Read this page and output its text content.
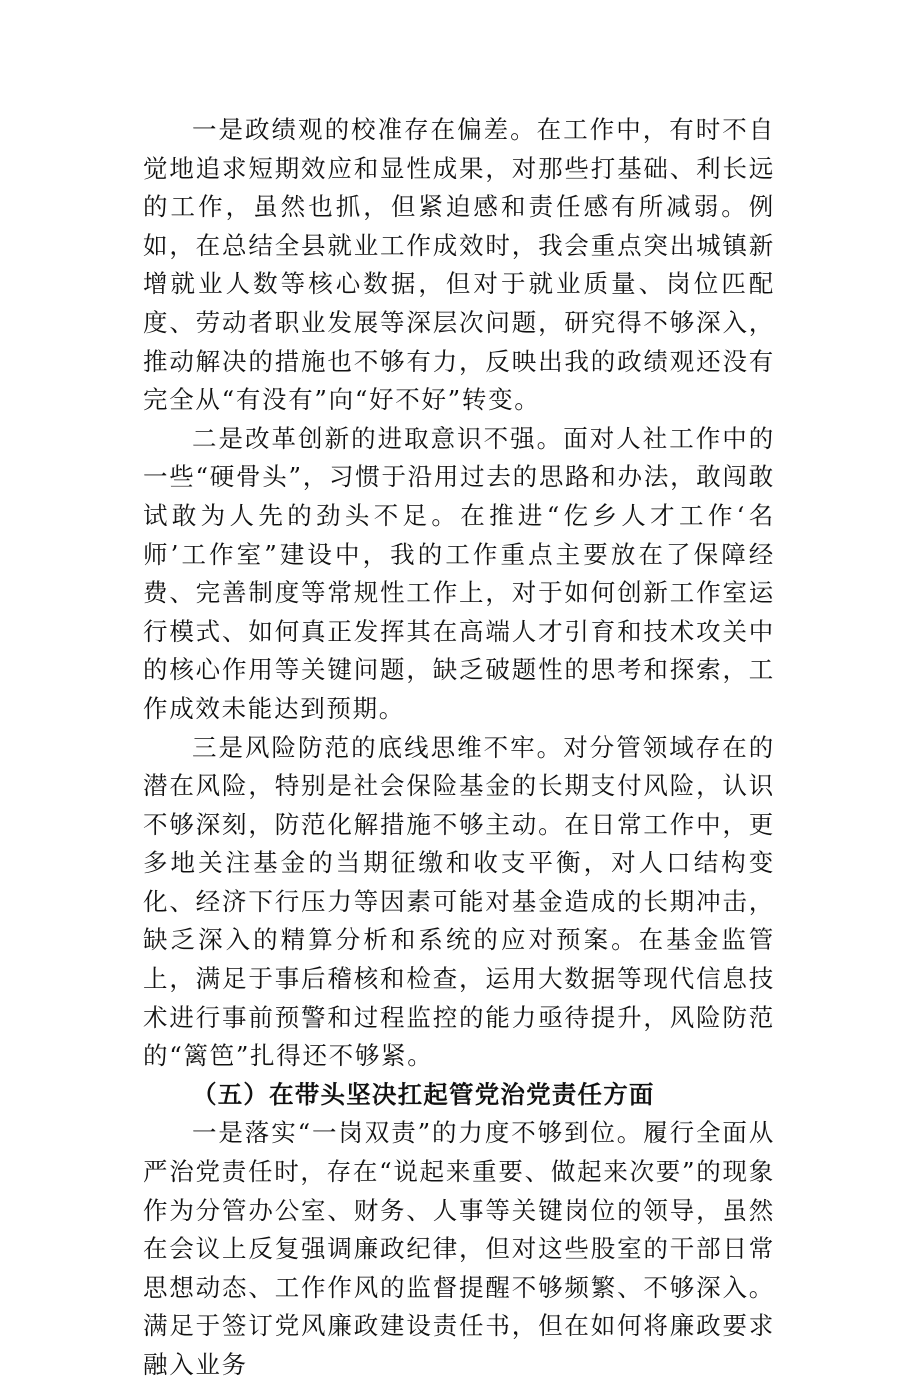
一是政绩观的校准存在偏差。在工作中，有时不自觉地追求短期效应和显性成果，对那些打基础、利长远的工作，虽然也抓，但紧迫感和责任感有所减弱。例如，在总结全县就业工作成效时，我会重点突出城镇新增就业人数等核心数据，但对于就业质量、岗位匹配度、劳动者职业发展等深层次问题，研究得不够深入，推动解决的措施也不够有力，反映出我的政绩观还没有完全从“有没有”向“好不好”转变。

二是改革创新的进取意识不强。面对人社工作中的一些“硬骨头”，习惯于沿用过去的思路和办法，敢闯敢试敢为人先的劲头不足。在推进“仡乡人才工作‘名师’工作室”建设中，我的工作重点主要放在了保障经费、完善制度等常规性工作上，对于如何创新工作室运行模式、如何真正发挥其在高端人才引育和技术攻关中的核心作用等关键问题，缺乏破题性的思考和探索，工作成效未能达到预期。

三是风险防范的底线思维不牢。对分管领域存在的潜在风险，特别是社会保险基金的长期支付风险，认识不够深刻，防范化解措施不够主动。在日常工作中，更多地关注基金的当期征缴和收支平衡，对人口结构变化、经济下行压力等因素可能对基金造成的长期冲击，缺乏深入的精算分析和系统的应对预案。在基金监管上，满足于事后稽核和检查，运用大数据等现代信息技术进行事前预警和过程监控的能力亟待提升，风险防范的“篱笆”扎得还不够紧。

（五）在带头坚决扛起管党治党责任方面

一是落实“一岗双责”的力度不够到位。履行全面从严治党责任时，存在“说起来重要、做起来次要”的现象作为分管办公室、财务、人事等关键岗位的领导，虽然在会议上反复强调廉政纪律，但对这些股室的干部日常思想动态、工作作风的监督提醒不够频繁、不够深入。满足于签订党风廉政建设责任书，但在如何将廉政要求融入业务
